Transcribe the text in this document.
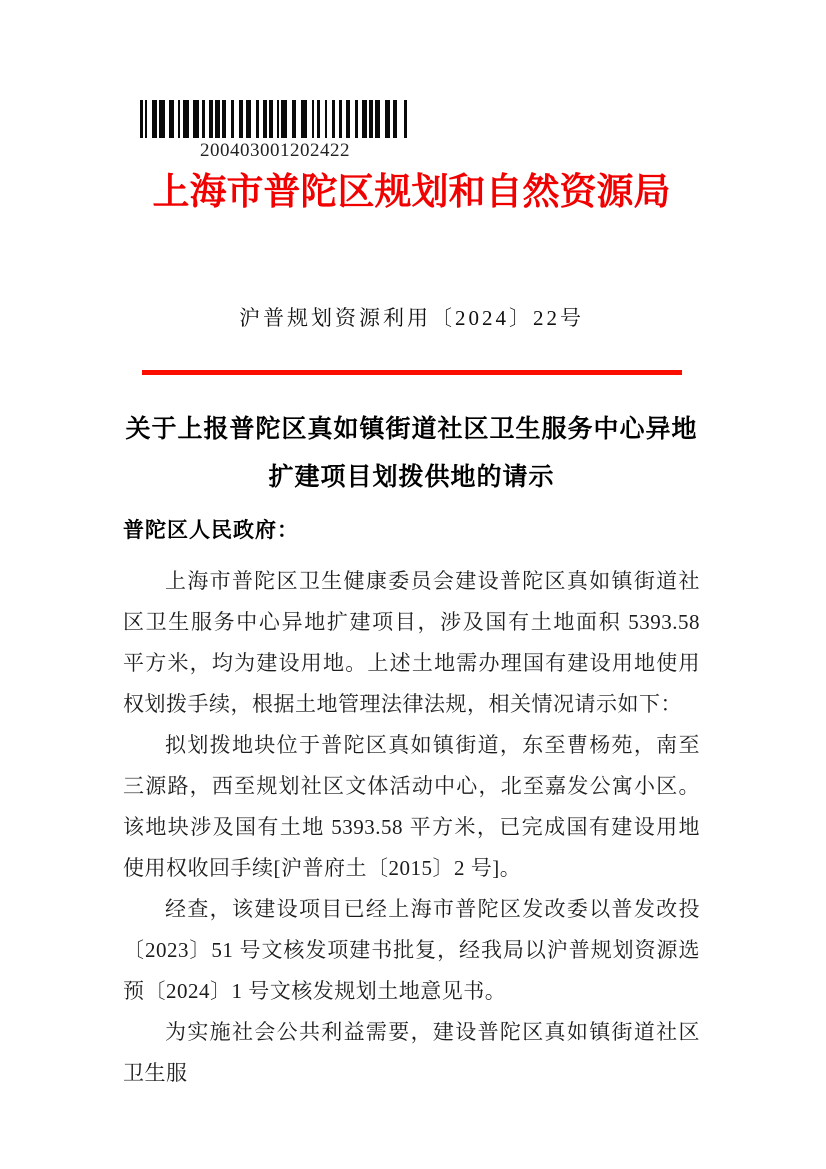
200403001202422
上海市普陀区规划和自然资源局
沪普规划资源利用〔2024〕22号
关于上报普陀区真如镇街道社区卫生服务中心异地
扩建项目划拨供地的请示
普陀区人民政府：

上海市普陀区卫生健康委员会建设普陀区真如镇街道社区卫生服务中心异地扩建项目，涉及国有土地面积 5393.58 平方米，均为建设用地。上述土地需办理国有建设用地使用权划拨手续，根据土地管理法律法规，相关情况请示如下：

拟划拨地块位于普陀区真如镇街道，东至曹杨苑，南至三源路，西至规划社区文体活动中心，北至嘉发公寓小区。该地块涉及国有土地 5393.58 平方米，已完成国有建设用地使用权收回手续[沪普府土〔2015〕2 号]。

经查，该建设项目已经上海市普陀区发改委以普发改投〔2023〕51 号文核发项建书批复，经我局以沪普规划资源选预〔2024〕1 号文核发规划土地意见书。

为实施社会公共利益需要，建设普陀区真如镇街道社区卫生服
